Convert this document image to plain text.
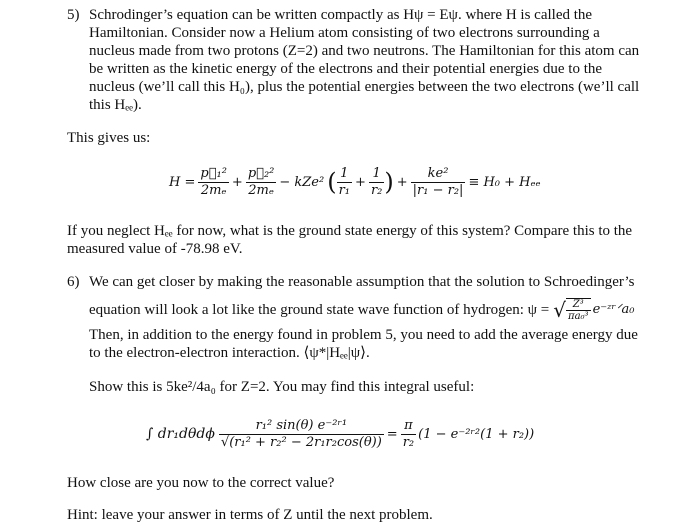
5) Schrodinger’s equation can be written compactly as Hψ = Eψ. where H is called the
Hamiltonian. Consider now a Helium atom consisting of two electrons surrounding a
nucleus made from two protons (Z=2) and two neutrons. The Hamiltonian for this atom can
be written as the kinetic energy of the electrons and their potential energies due to the
nucleus (we’ll call this H₀), plus the potential energies between the two electrons (we’ll call
this Hₑₑ).
This gives us:
$H = \frac{\text{p⃗₁²}}{\text{2mₑ}} + \frac{\text{p⃗₂²}}{\text{2mₑ}} - kZe^2$ ( $\frac{1}{\text{r₁}} + \frac{1}{\text{r₂}}$ ) + $\frac{\text{ke²}}{\text{|r₁ − r₂|}} \equiv H_0 + H_{ee}$
If you neglect Hₑₑ for now, what is the ground state energy of this system? Compare this to the
measured value of -78.98 eV.
6) We can get closer by making the reasonable assumption that the solution to Schroedinger’s
equation will look a lot like the ground state wave function of hydrogen: ψ = √ $\frac{\text{Z³}}{\text{πa₀³}}$ e⁻ᶻʳᐟa₀
Then, in addition to the energy found in problem 5, you need to add the average energy due
to the electron-electron interaction. ⟨ψ*|Hₑₑ|ψ⟩.
Show this is 5ke²/4a₀ for Z=2. You may find this integral useful:
∫ $dr_1d\theta d\phi \frac{\text{r₁² sin(θ) e⁻²ʳ¹}}{\text{√(r₁² + r₂² − 2r₁r₂cos(θ))}} = \frac{\pi}{\text{r₂}} (1$ − e⁻²ʳ²(1 + r₂))
How close are you now to the correct value?
Hint: leave your answer in terms of Z until the next problem.
